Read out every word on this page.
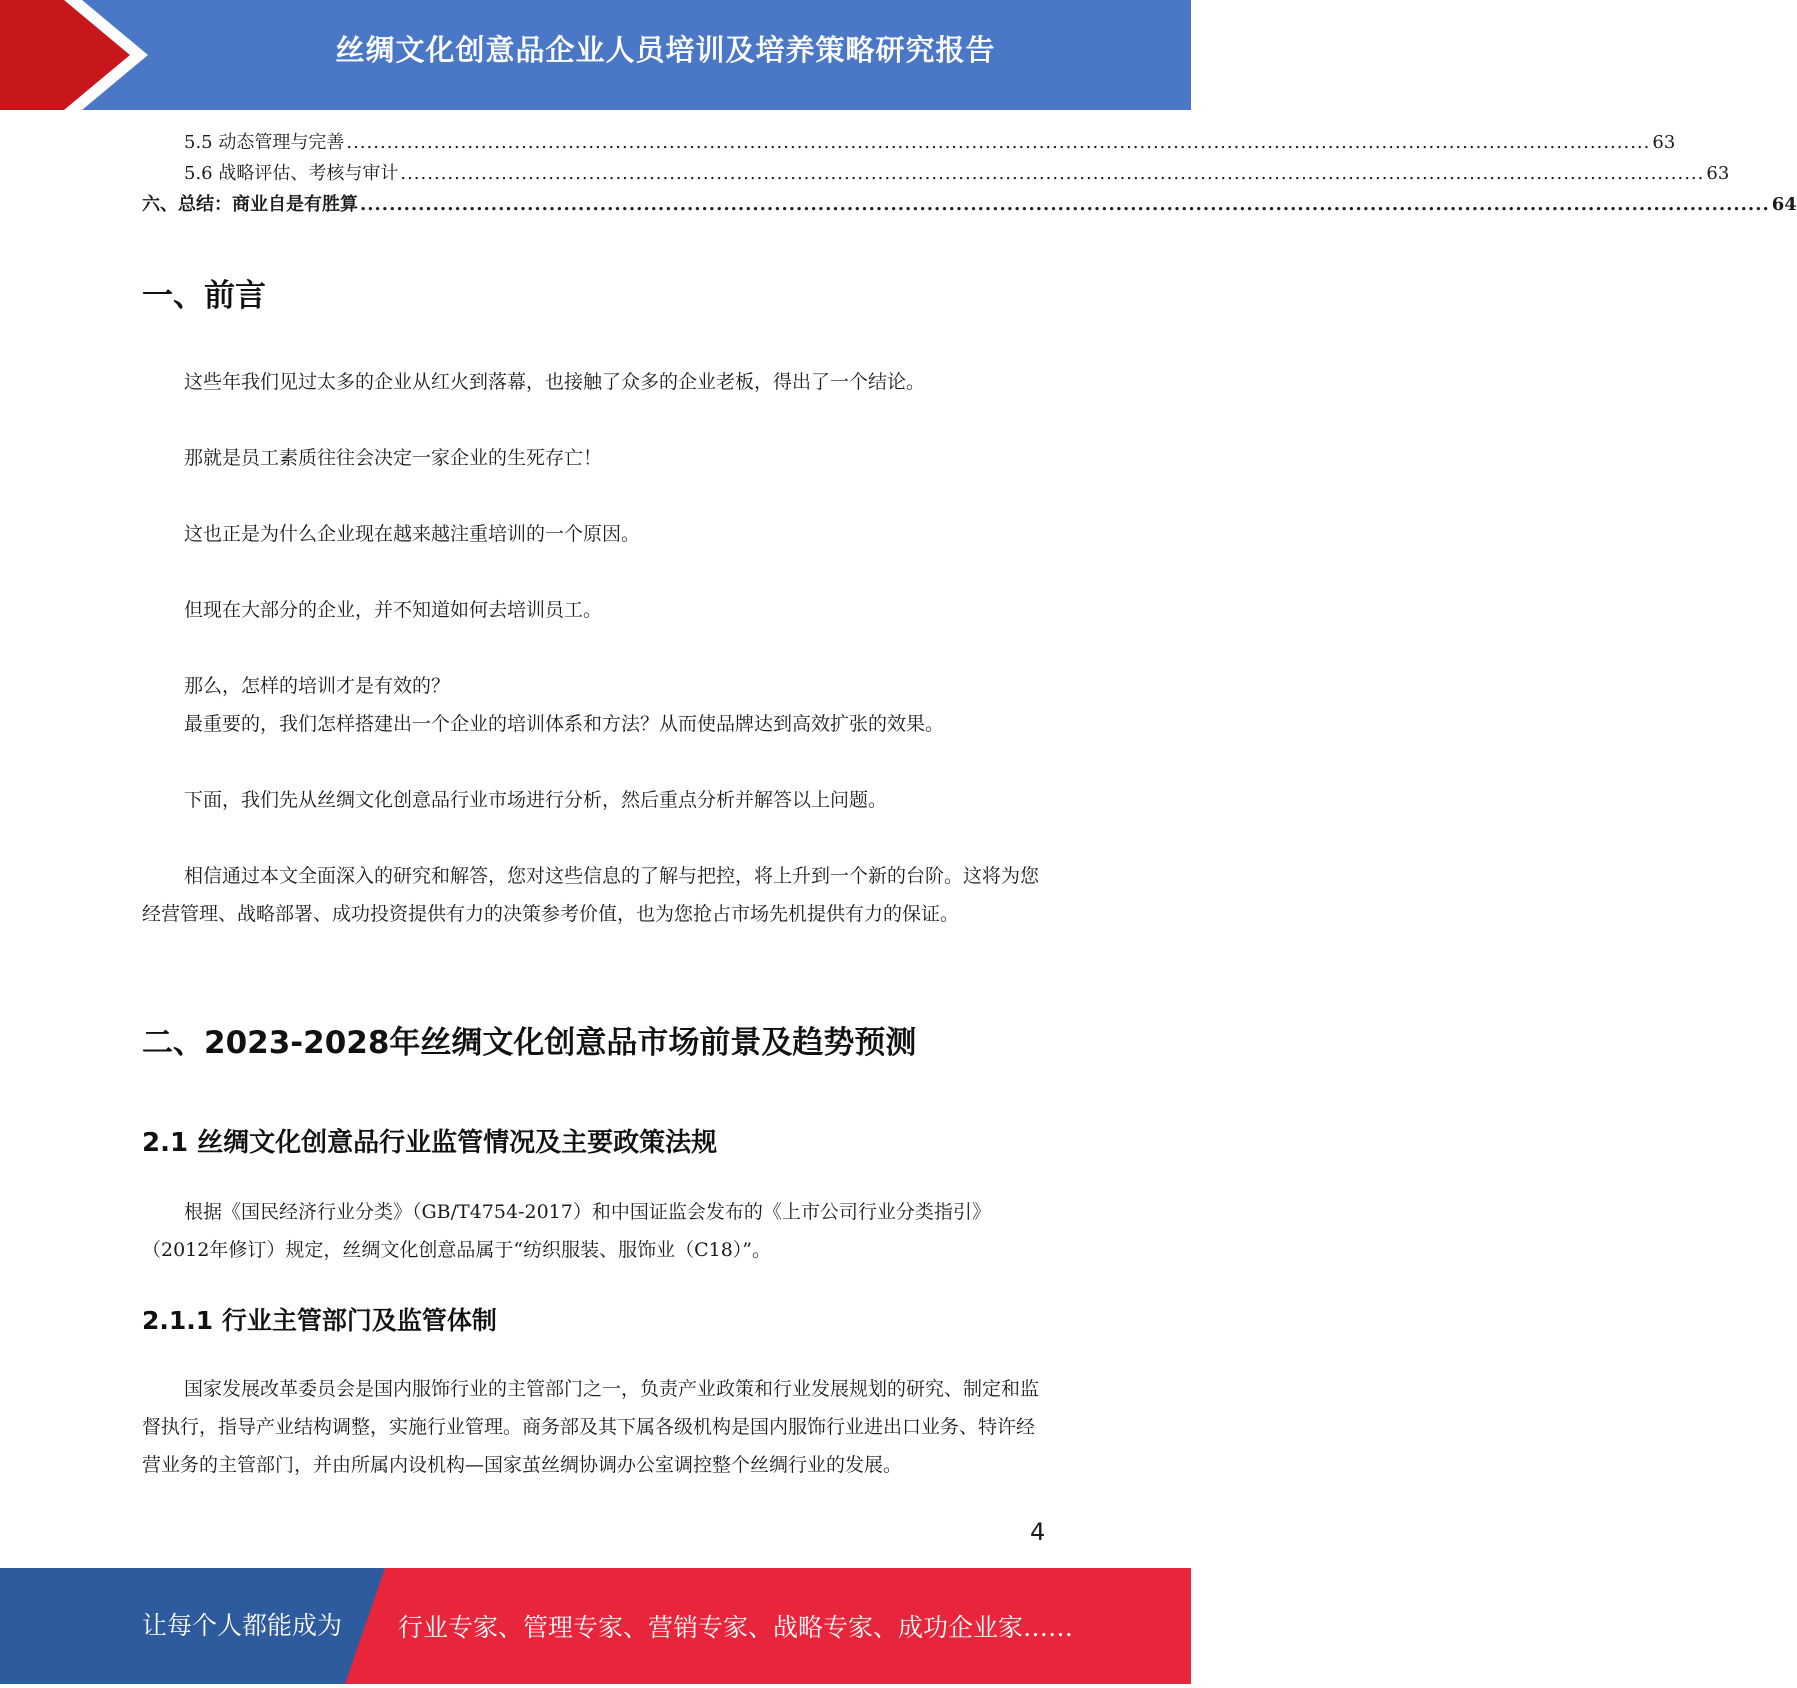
丝绸文化创意品企业人员培训及培养策略研究报告
5.5 动态管理与完善 .................................................................................................................................................................................................. 63
5.6 战略评估、考核与审计 .................................................................................................................................................................................................. 63
六、总结：商业自是有胜算 .................................................................................................................................................................................................. 64
一、前言

这些年我们见过太多的企业从红火到落幕，也接触了众多的企业老板，得出了一个结论。

那就是员工素质往往会决定一家企业的生死存亡！

这也正是为什么企业现在越来越注重培训的一个原因。

但现在大部分的企业，并不知道如何去培训员工。

那么，怎样的培训才是有效的？

最重要的，我们怎样搭建出一个企业的培训体系和方法？从而使品牌达到高效扩张的效果。

下面，我们先从丝绸文化创意品行业市场进行分析，然后重点分析并解答以上问题。

相信通过本文全面深入的研究和解答，您对这些信息的了解与把控，将上升到一个新的台阶。这将为您经营管理、战略部署、成功投资提供有力的决策参考价值，也为您抢占市场先机提供有力的保证。

二、2023-2028年丝绸文化创意品市场前景及趋势预测
2.1 丝绸文化创意品行业监管情况及主要政策法规

根据《国民经济行业分类》（GB/T4754-2017）和中国证监会发布的《上市公司行业分类指引》（2012年修订）规定，丝绸文化创意品属于“纺织服装、服饰业（C18）”。

2.1.1 行业主管部门及监管体制

国家发展改革委员会是国内服饰行业的主管部门之一，负责产业政策和行业发展规划的研究、制定和监督执行，指导产业结构调整，实施行业管理。商务部及其下属各级机构是国内服饰行业进出口业务、特许经营业务的主管部门，并由所属内设机构—国家茧丝绸协调办公室调控整个丝绸行业的发展。

4
让每个人都能成为 行业专家、管理专家、营销专家、战略专家、成功企业家……
